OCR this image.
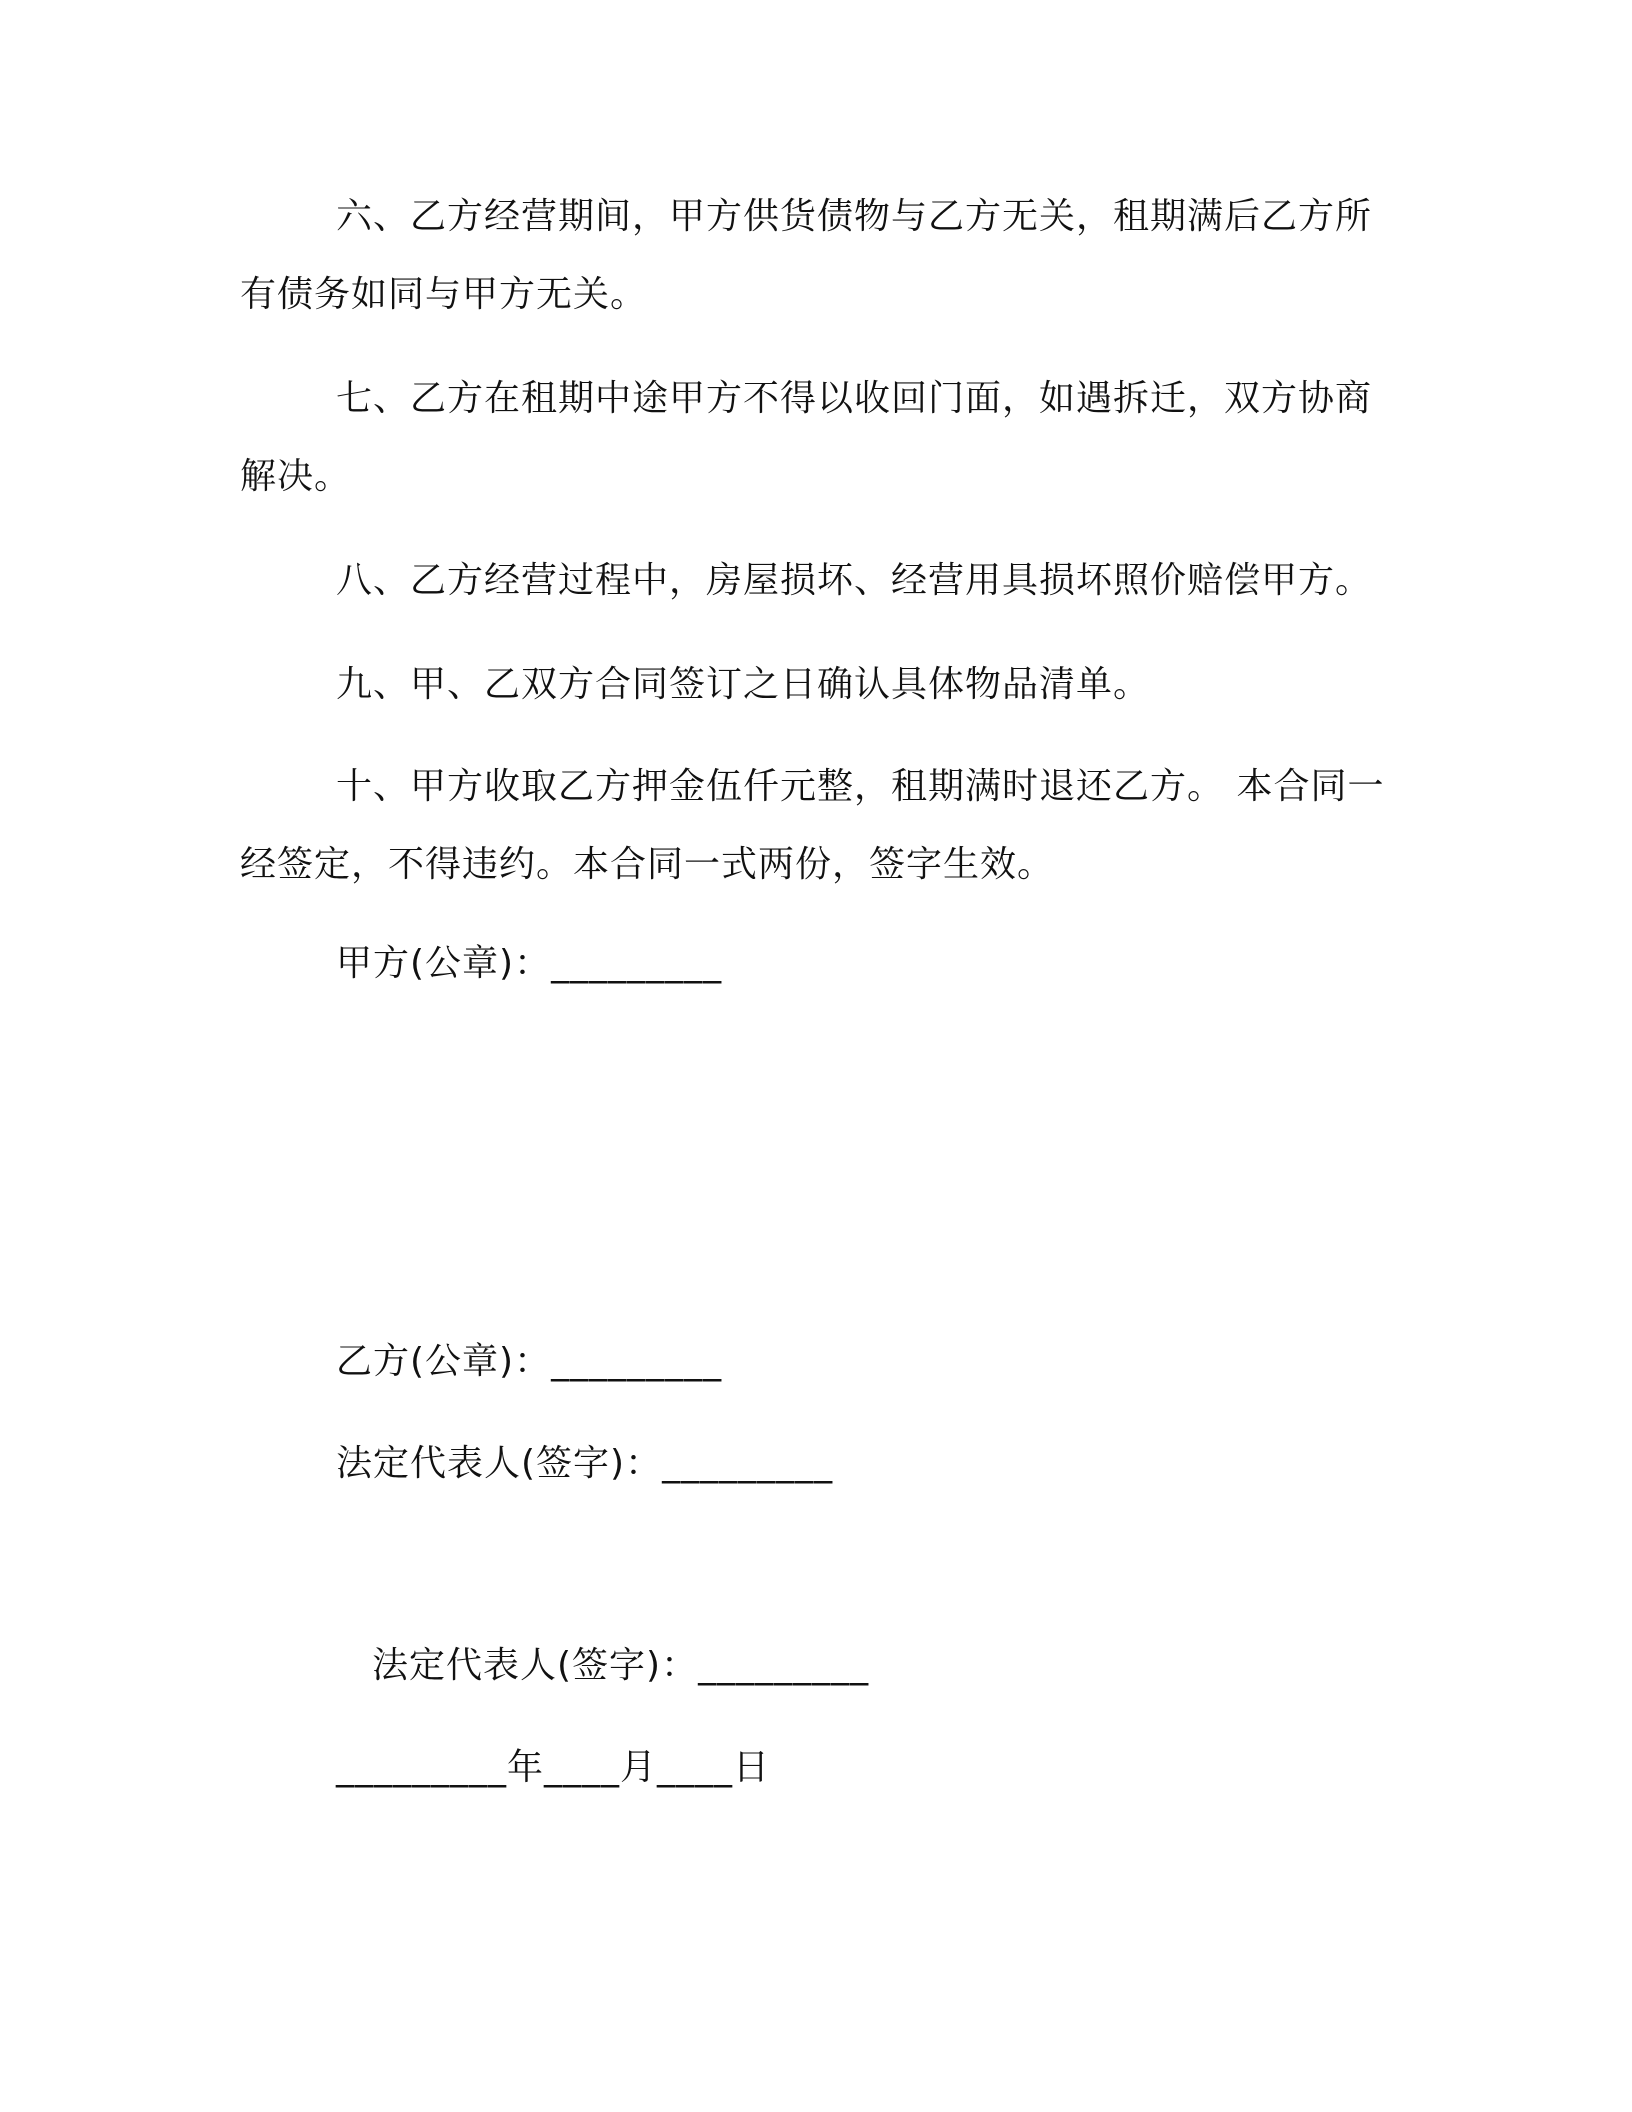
六、乙方经营期间，甲方供货债物与乙方无关，租期满后乙方所有债务如同与甲方无关。

七、乙方在租期中途甲方不得以收回门面，如遇拆迁，双方协商解决。

八、乙方经营过程中，房屋损坏、经营用具损坏照价赔偿甲方。

九、甲、乙双方合同签订之日确认具体物品清单。

十、甲方收取乙方押金伍仟元整，租期满时退还乙方。 本合同一经签定，不得违约。本合同一式两份，签字生效。

甲方(公章)：_________

乙方(公章)：_________

法定代表人(签字)：_________

法定代表人(签字)：_________

_________年____月____日
